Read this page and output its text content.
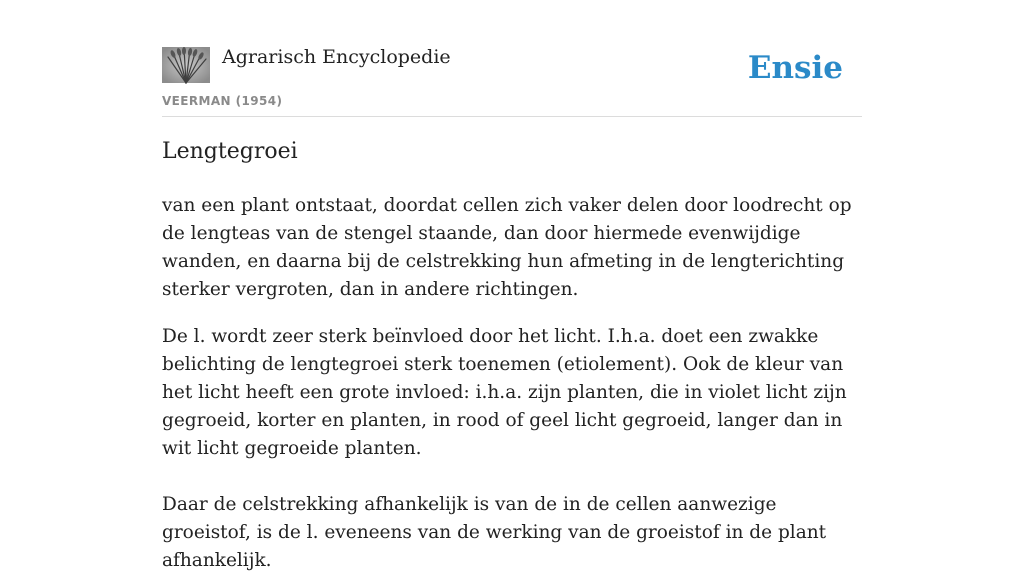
Agrarisch Encyclopedie
VEERMAN (1954)
Ensie
Lengtegroei

van een plant ontstaat, doordat cellen zich vaker delen door loodrecht op de lengteas van de stengel staande, dan door hiermede evenwijdige wanden, en daarna bij de celstrekking hun afmeting in de lengterichting sterker vergroten, dan in andere richtingen.

De l. wordt zeer sterk beïnvloed door het licht. I.h.a. doet een zwakke belichting de lengtegroei sterk toenemen (etiolement). Ook de kleur van het licht heeft een grote invloed: i.h.a. zijn planten, die in violet licht zijn gegroeid, korter en planten, in rood of geel licht gegroeid, langer dan in wit licht gegroeide planten.

Daar de celstrekking afhankelijk is van de in de cellen aanwezige groeistof, is de l. eveneens van de werking van de groeistof in de plant afhankelijk.
